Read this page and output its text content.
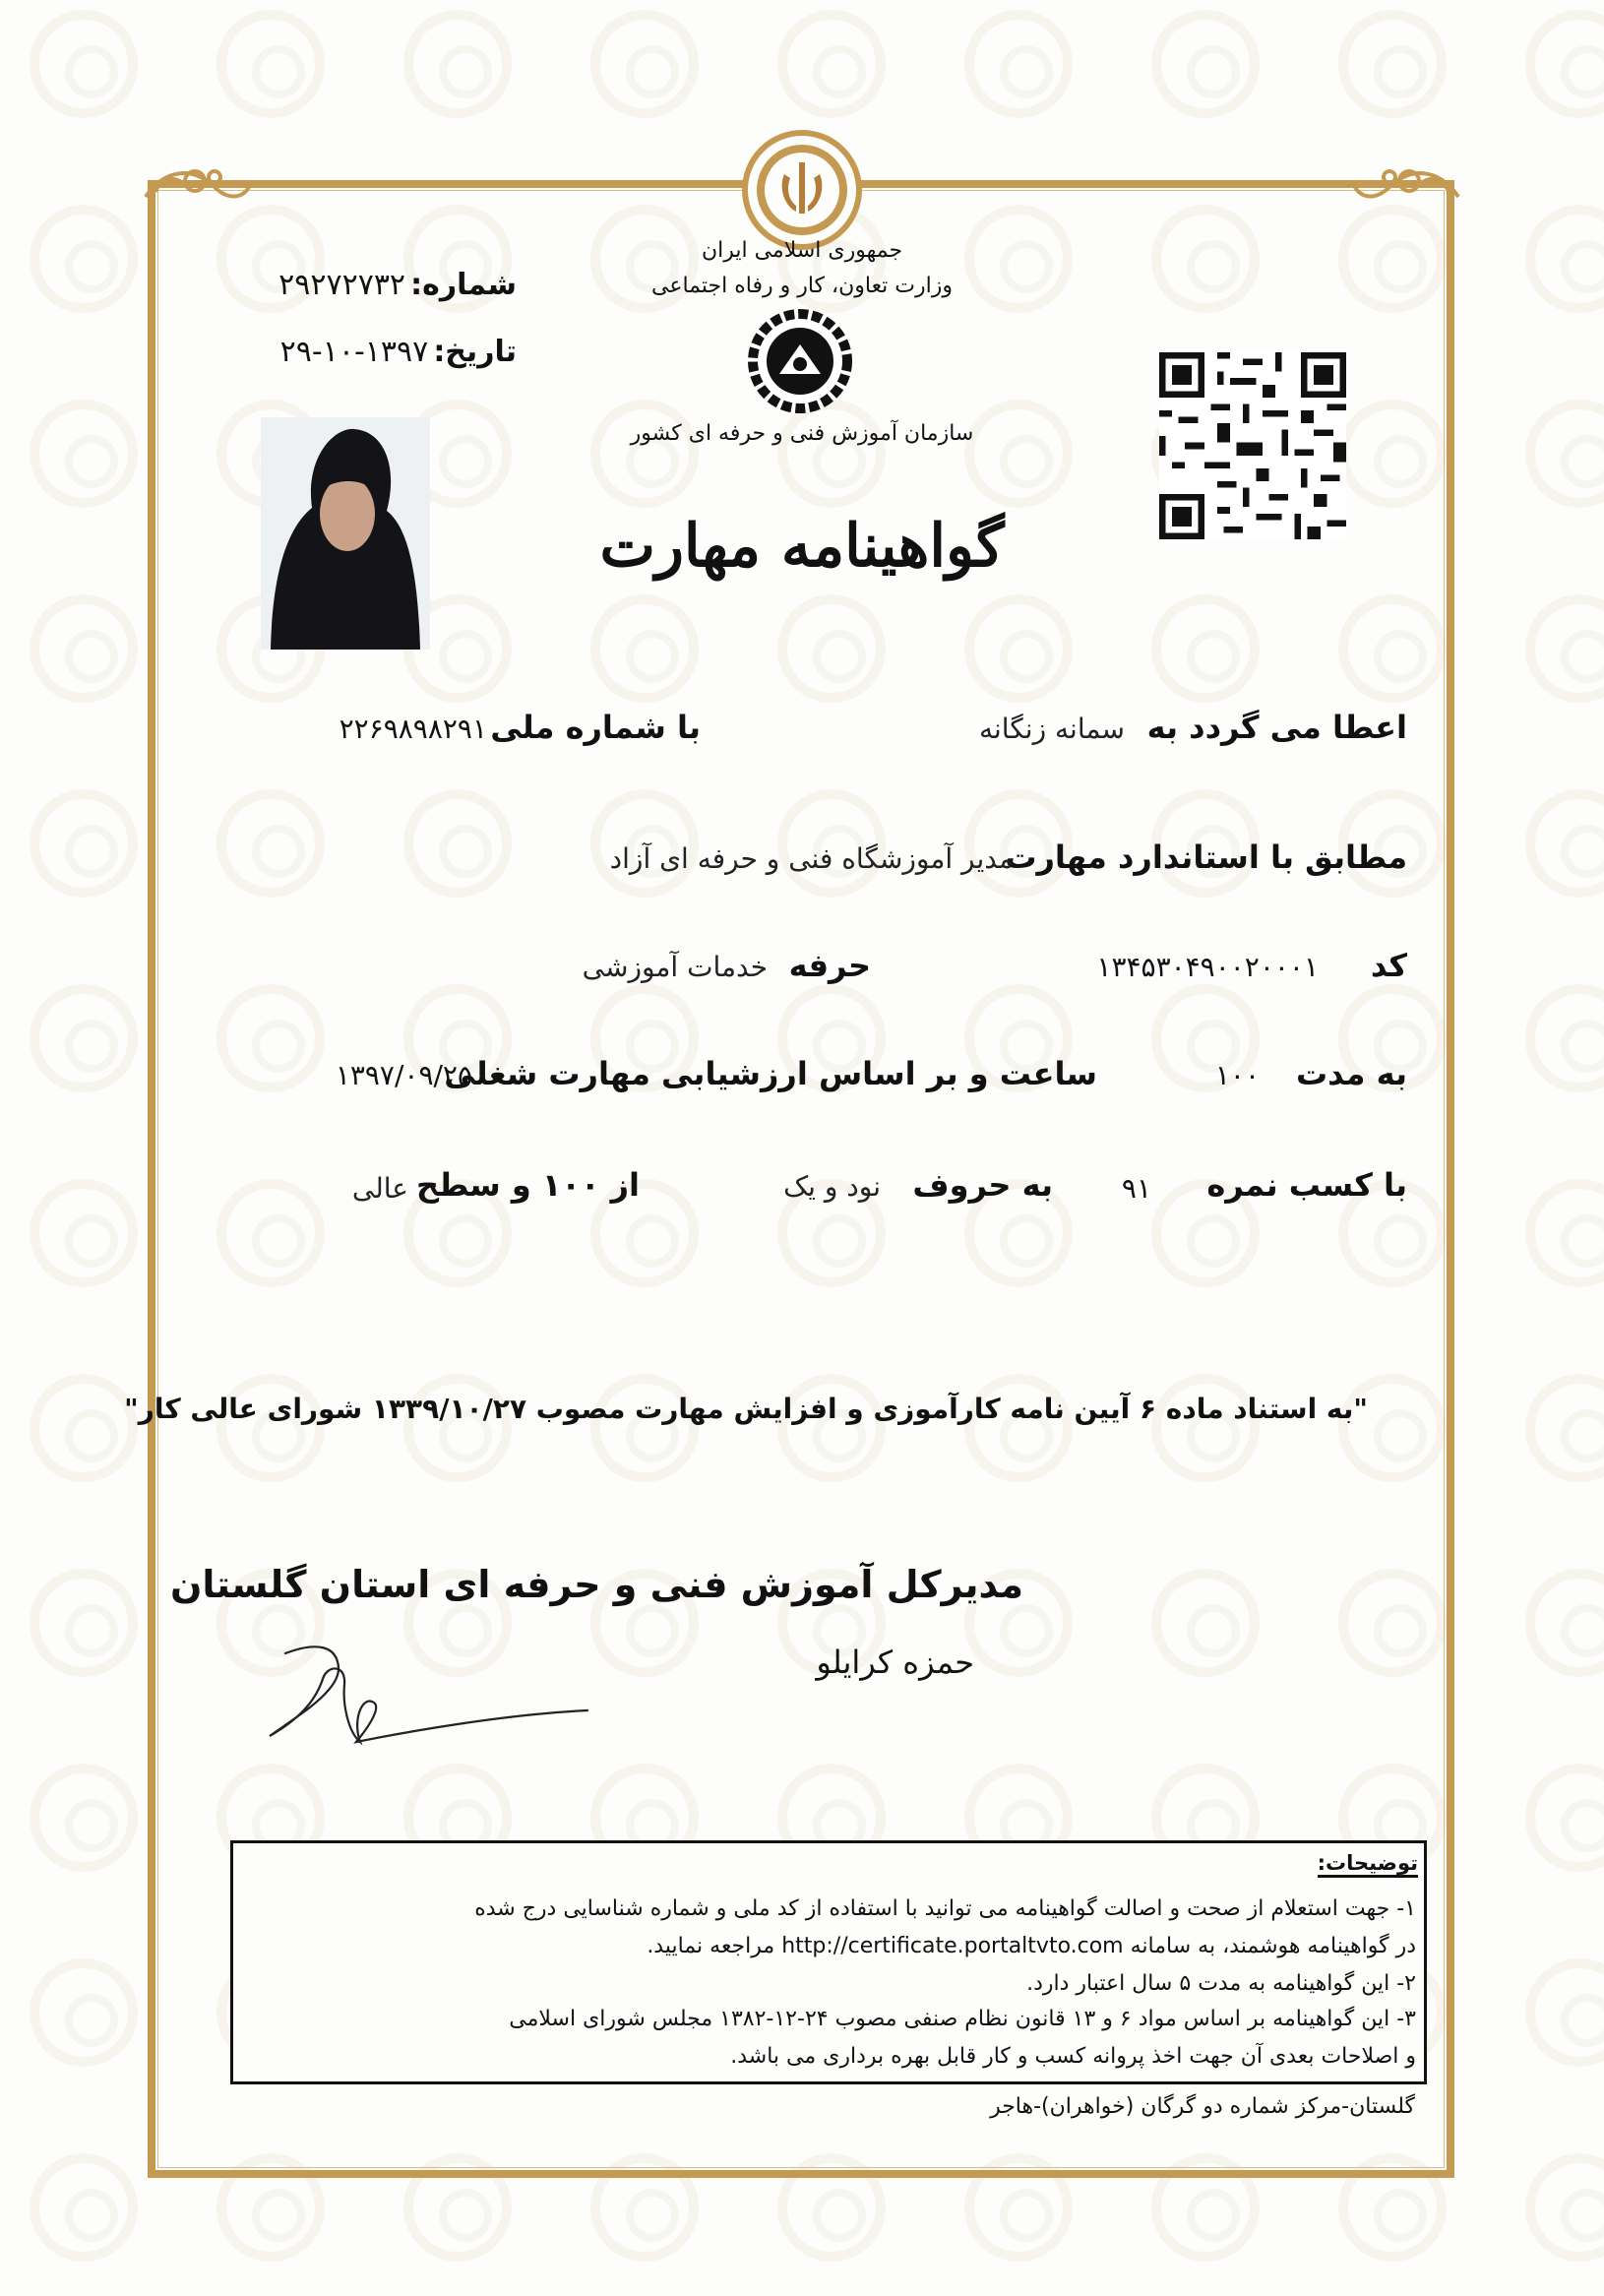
جمهوری اسلامی ایران
وزارت تعاون، کار و رفاه اجتماعی
سازمان آموزش فنی و حرفه ای کشور
شماره: ۲۹۲۷۲۷۳۲
تاریخ: ۱۳۹۷-۱۰-۲۹
گواهینامه مهارت
اعطا می گردد به
سمانه زنگانه
با شماره ملی
۲۲۶۹۸۹۸۲۹۱
مطابق با استاندارد مهارت
مدیر آموزشگاه فنی و حرفه ای آزاد
کد
۱۳۴۵۳۰۴۹۰۰۲۰۰۰۱
حرفه
خدمات آموزشی
به مدت
۱۰۰
ساعت و بر اساس ارزشیابی مهارت شغلی
۱۳۹۷/۰۹/۲۵
با کسب نمره
۹۱
به حروف
نود و یک
از ۱۰۰ و سطح
عالی
"به استناد ماده ۶ آیین نامه کارآموزی و افزایش مهارت مصوب ۱۳۳۹/۱۰/۲۷ شورای عالی کار"
مدیرکل آموزش فنی و حرفه ای استان گلستان
حمزه کرایلو
توضیحات:
۱- جهت استعلام از صحت و اصالت گواهینامه می توانید با استفاده از کد ملی و شماره شناسایی درج شده
در گواهینامه هوشمند، به سامانه http://certificate.portaltvto.com مراجعه نمایید.
۲- این گواهینامه به مدت ۵ سال اعتبار دارد.
۳- این گواهینامه بر اساس مواد ۶ و ۱۳ قانون نظام صنفی مصوب ۲۴-۱۲-۱۳۸۲ مجلس شورای اسلامی
و اصلاحات بعدی آن جهت اخذ پروانه کسب و کار قابل بهره برداری می باشد.
گلستان-مرکز شماره دو گرگان (خواهران)-هاجر
